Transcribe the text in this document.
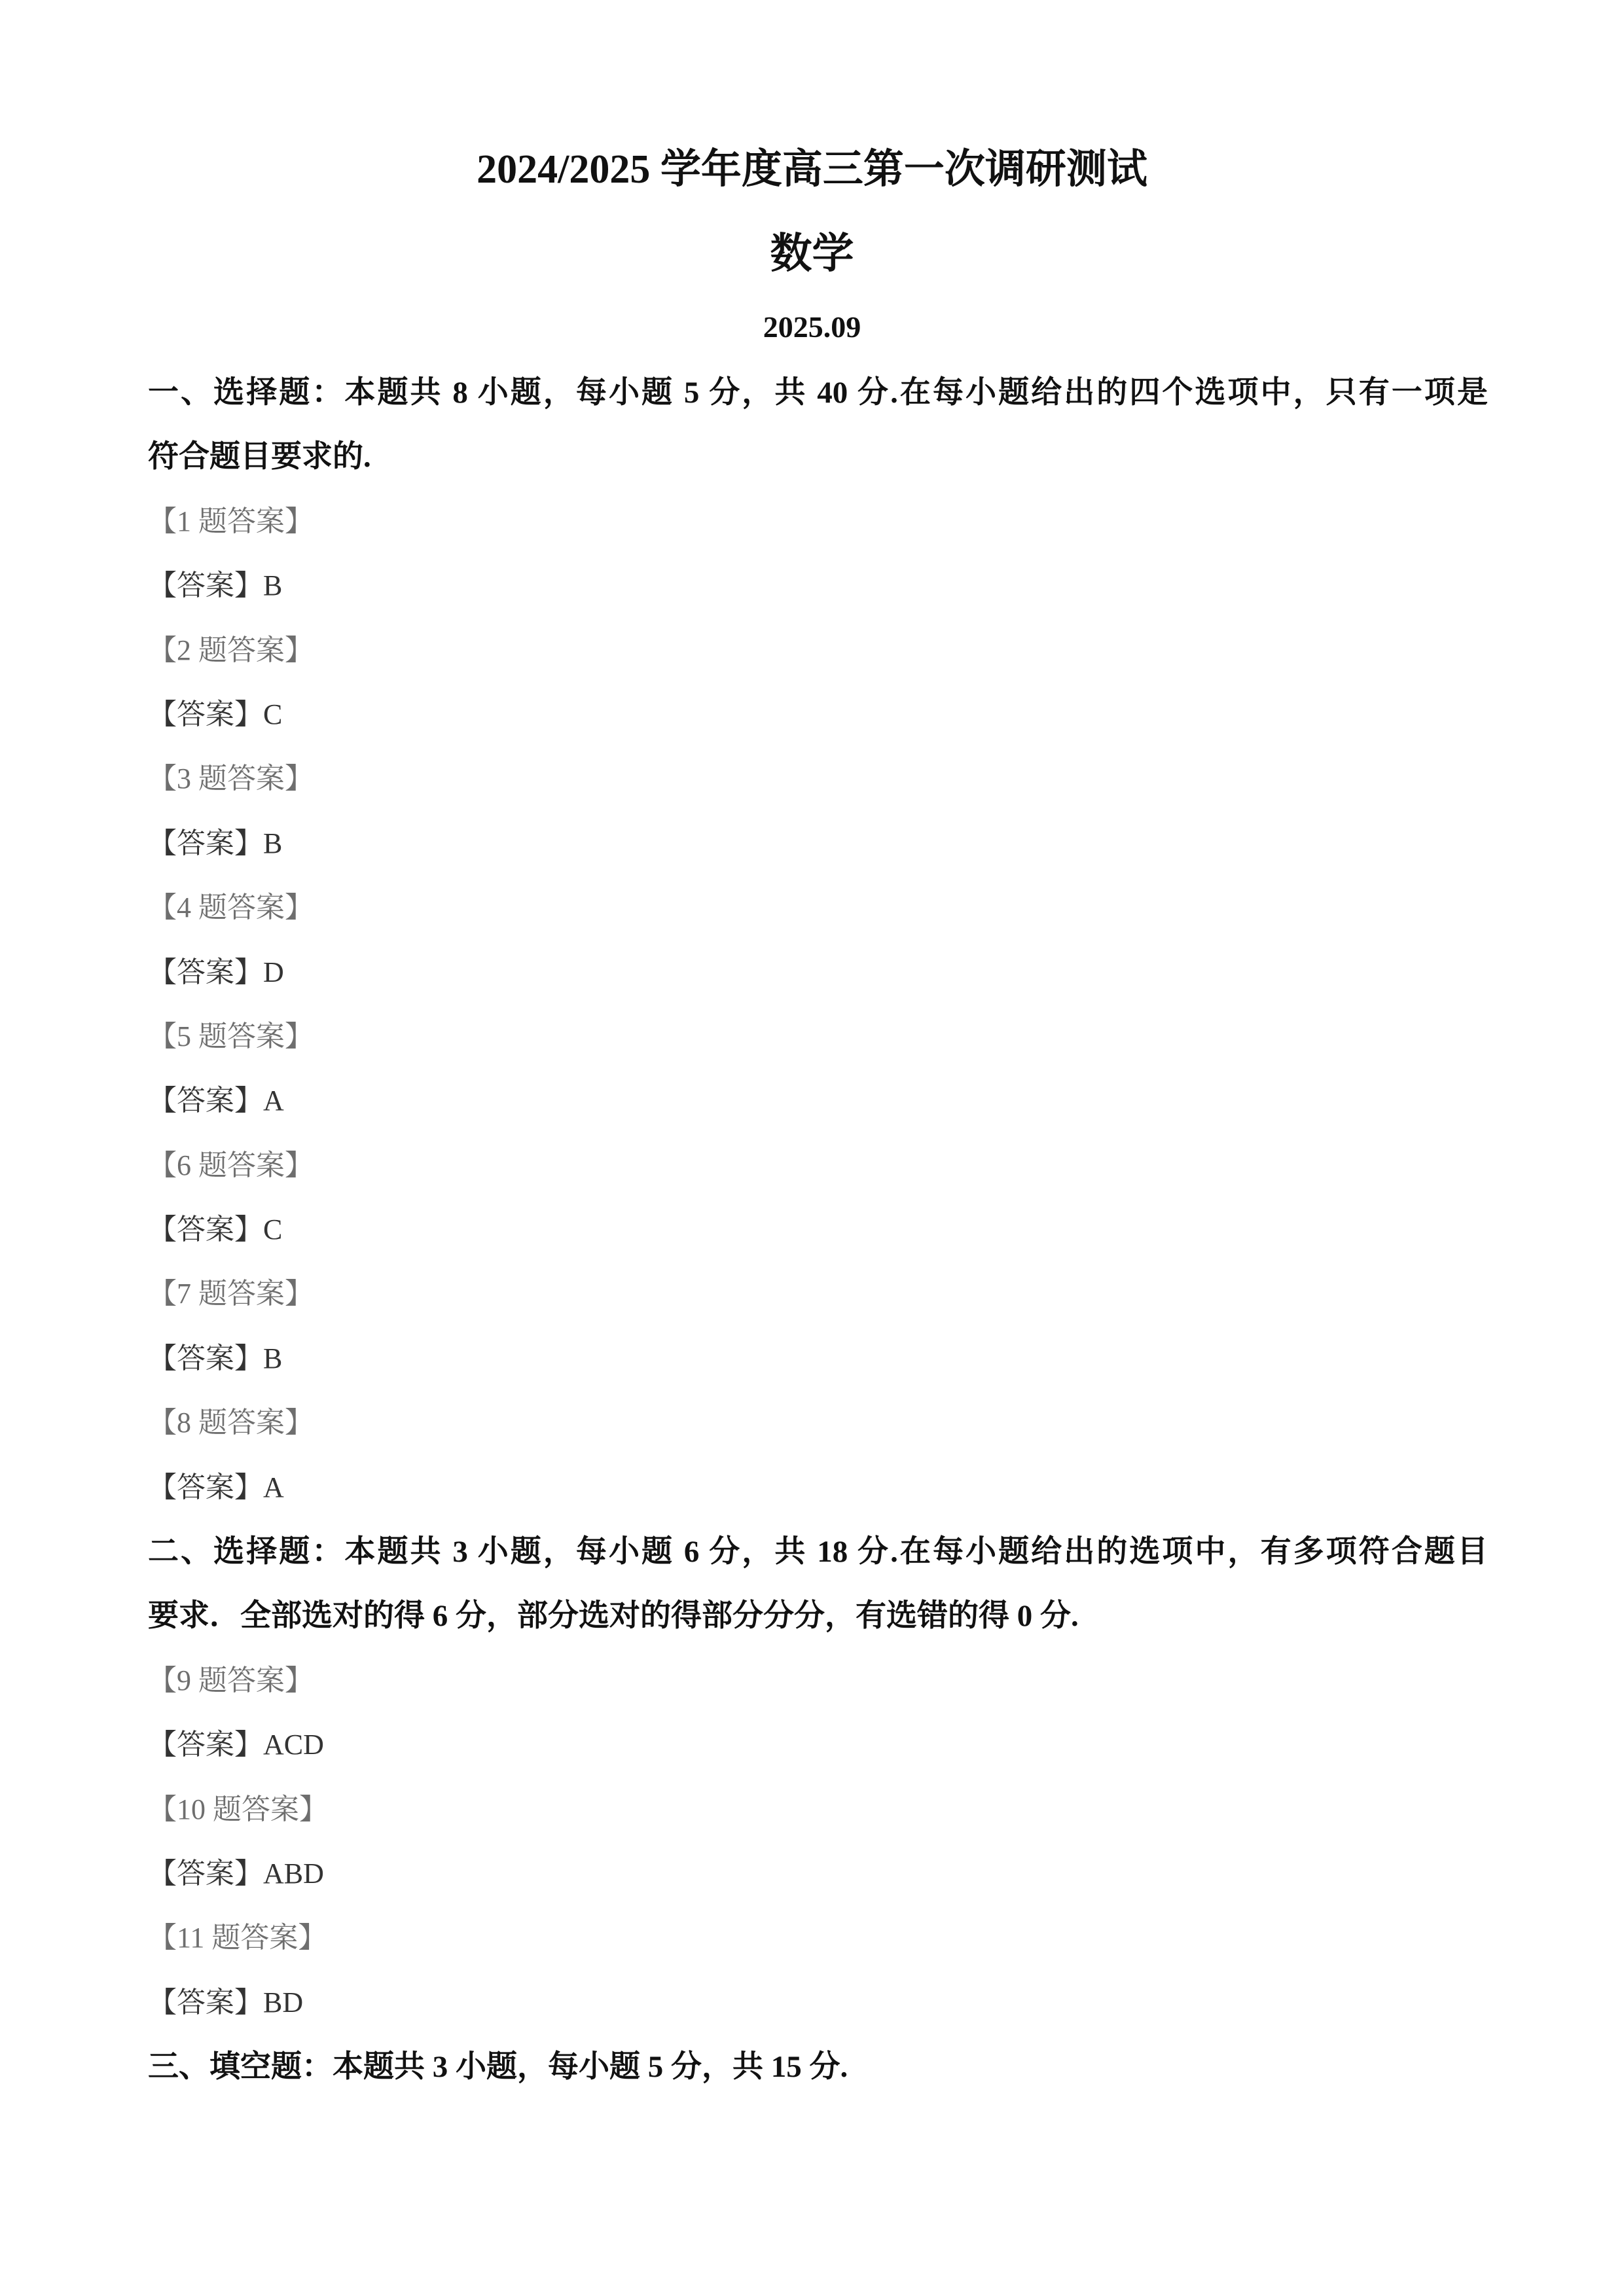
2024/2025 学年度高三第一次调研测试
数学
2025.09
一、选择题：本题共 8 小题，每小题 5 分，共 40 分.在每小题给出的四个选项中，只有一项是
符合题目要求的.
【1 题答案】
【答案】B
【2 题答案】
【答案】C
【3 题答案】
【答案】B
【4 题答案】
【答案】D
【5 题答案】
【答案】A
【6 题答案】
【答案】C
【7 题答案】
【答案】B
【8 题答案】
【答案】A
二、选择题：本题共 3 小题，每小题 6 分，共 18 分.在每小题给出的选项中，有多项符合题目
要求．全部选对的得 6 分，部分选对的得部分分分，有选错的得 0 分.
【9 题答案】
【答案】ACD
【10 题答案】
【答案】ABD
【11 题答案】
【答案】BD
三、填空题：本题共 3 小题，每小题 5 分，共 15 分.
